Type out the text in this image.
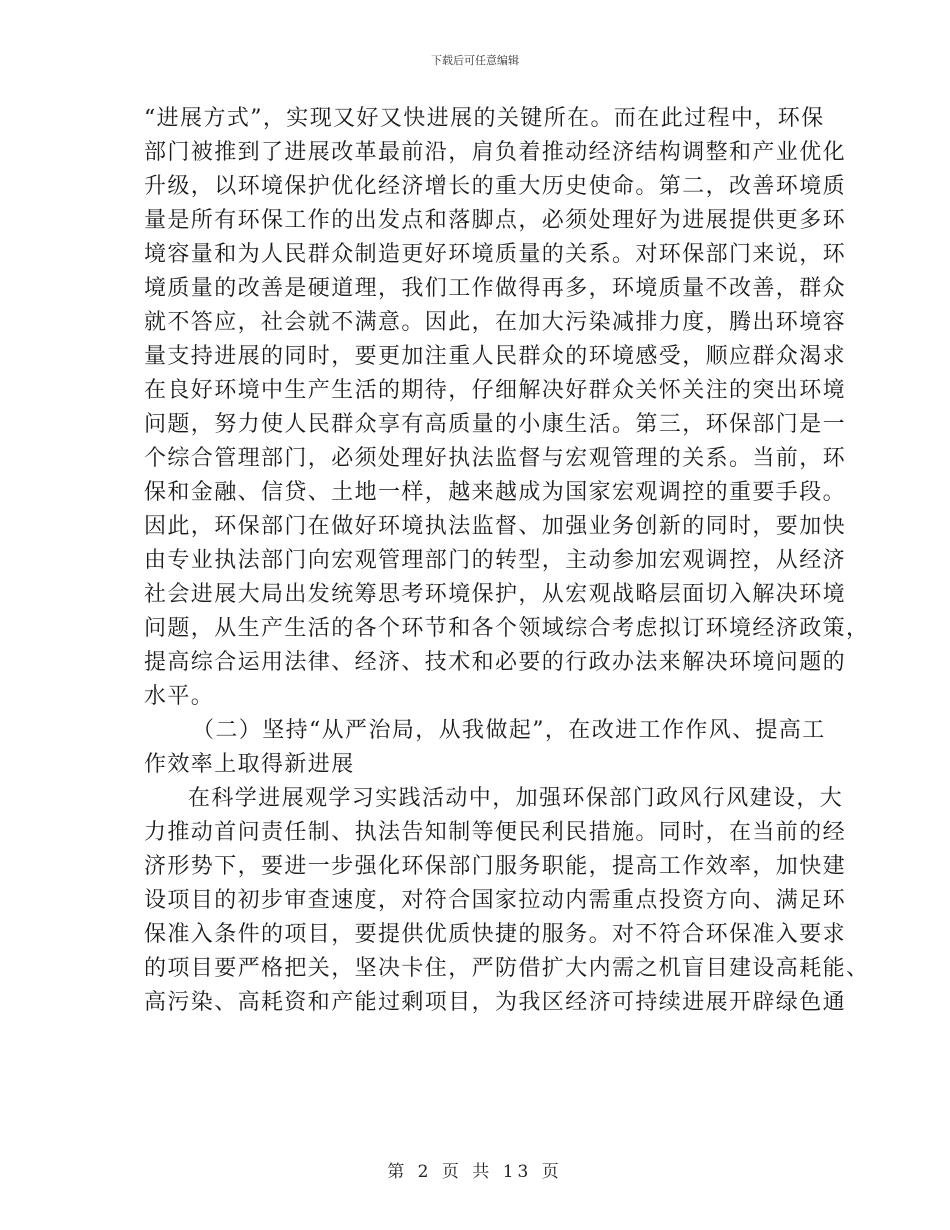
下载后可任意编辑
“进展方式”，实现又好又快进展的关键所在。而在此过程中，环保
部门被推到了进展改革最前沿，肩负着推动经济结构调整和产业优化
升级，以环境保护优化经济增长的重大历史使命。第二，改善环境质
量是所有环保工作的出发点和落脚点，必须处理好为进展提供更多环
境容量和为人民群众制造更好环境质量的关系。对环保部门来说，环
境质量的改善是硬道理，我们工作做得再多，环境质量不改善，群众
就不答应，社会就不满意。因此，在加大污染减排力度，腾出环境容
量支持进展的同时，要更加注重人民群众的环境感受，顺应群众渴求
在良好环境中生产生活的期待，仔细解决好群众关怀关注的突出环境
问题，努力使人民群众享有高质量的小康生活。第三，环保部门是一
个综合管理部门，必须处理好执法监督与宏观管理的关系。当前，环
保和金融、信贷、土地一样，越来越成为国家宏观调控的重要手段。
因此，环保部门在做好环境执法监督、加强业务创新的同时，要加快
由专业执法部门向宏观管理部门的转型，主动参加宏观调控，从经济
社会进展大局出发统筹思考环境保护，从宏观战略层面切入解决环境
问题，从生产生活的各个环节和各个领域综合考虑拟订环境经济政策，
提高综合运用法律、经济、技术和必要的行政办法来解决环境问题的
水平。
（二）坚持“从严治局，从我做起”，在改进工作作风、提高工
作效率上取得新进展
在科学进展观学习实践活动中，加强环保部门政风行风建设，大
力推动首问责任制、执法告知制等便民利民措施。同时，在当前的经
济形势下，要进一步强化环保部门服务职能，提高工作效率，加快建
设项目的初步审查速度，对符合国家拉动内需重点投资方向、满足环
保准入条件的项目，要提供优质快捷的服务。对不符合环保准入要求
的项目要严格把关，坚决卡住，严防借扩大内需之机盲目建设高耗能、
高污染、高耗资和产能过剩项目，为我区经济可持续进展开辟绿色通
第 2 页 共 13 页
